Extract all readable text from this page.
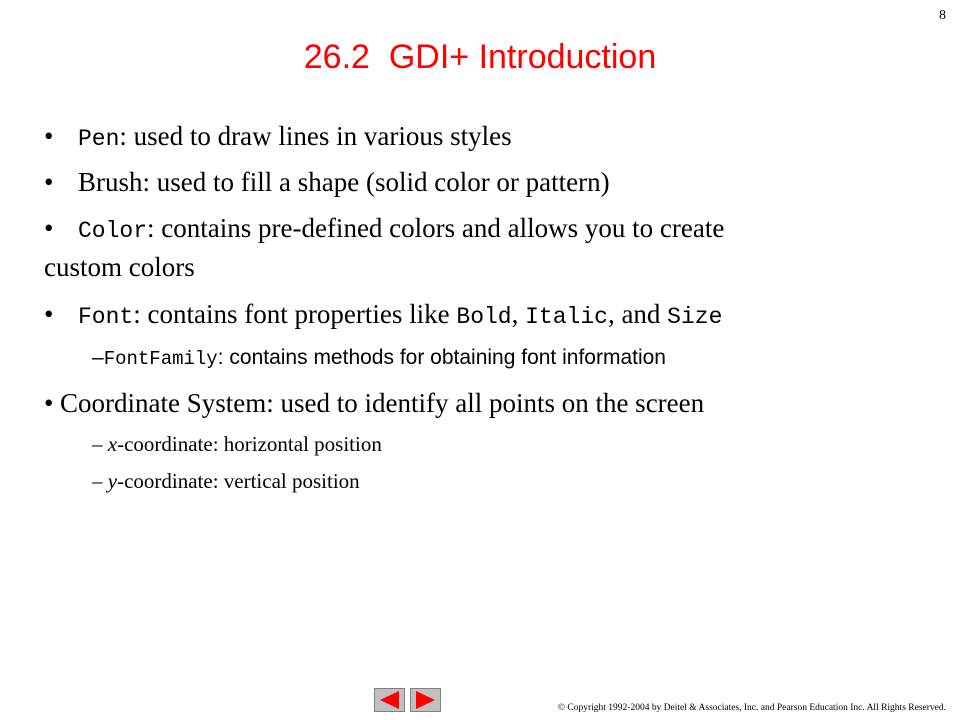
8
26.2  GDI+ Introduction
• Pen: used to draw lines in various styles
• Brush: used to fill a shape (solid color or pattern)
• Color: contains pre-defined colors and allows you to create
custom colors
• Font: contains font properties like Bold, Italic, and Size
–FontFamily: contains methods for obtaining font information
• Coordinate System: used to identify all points on the screen
– x-coordinate: horizontal position
– y-coordinate: vertical position
© Copyright 1992-2004 by Deitel & Associates, Inc. and Pearson Education Inc. All Rights Reserved.
